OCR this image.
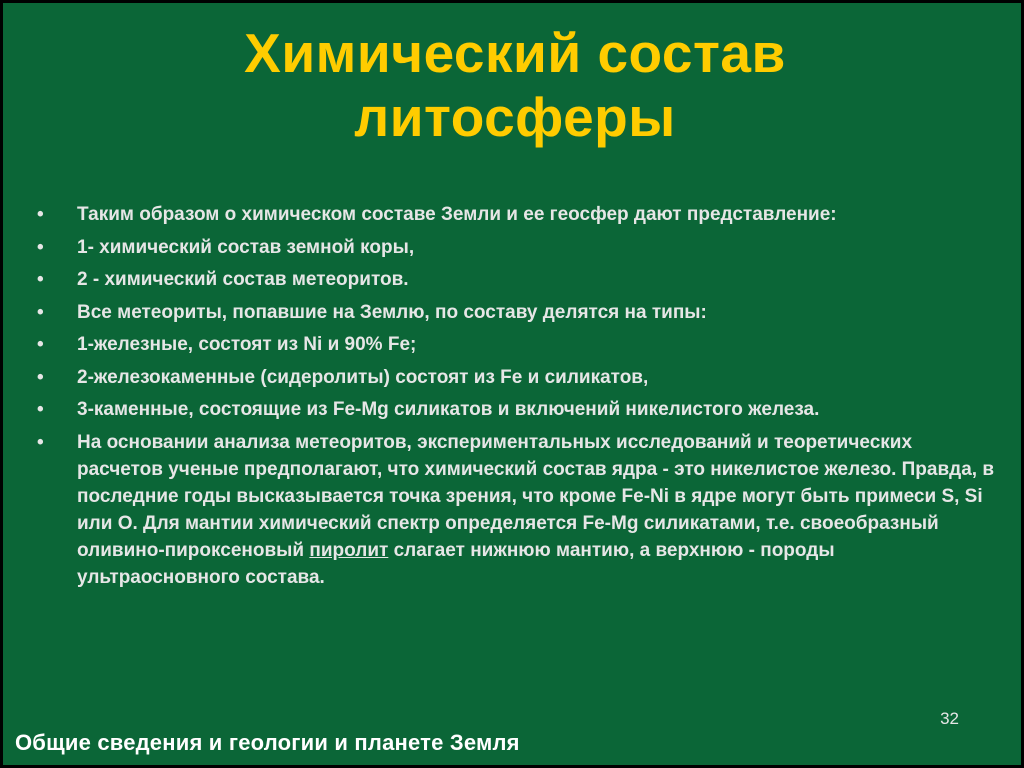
Химический состав
литосферы
• Таким образом о химическом составе Земли и ее геосфер дают представление:
• 1- химический состав земной коры,
• 2 - химический состав метеоритов.
• Все метеориты, попавшие на Землю, по составу делятся на типы:
• 1-железные, состоят из Ni и 90% Fe;
• 2-железокаменные (сидеролиты) состоят из Fe и силикатов,
• 3-каменные, состоящие из Fe-Mg силикатов и включений никелистого железа.
• На основании анализа метеоритов, экспериментальных исследований и теоретических расчетов ученые предполагают, что химический состав ядра - это никелистое железо. Правда, в последние годы высказывается точка зрения, что кроме Fe-Ni в ядре могут быть примеси S, Si или O. Для мантии химический спектр определяется Fe-Mg силикатами, т.е. своеобразный оливино-пироксеновый пиролит слагает нижнюю мантию, а верхнюю - породы ультраосновного состава.
32
Общие сведения и геологии и планете Земля
